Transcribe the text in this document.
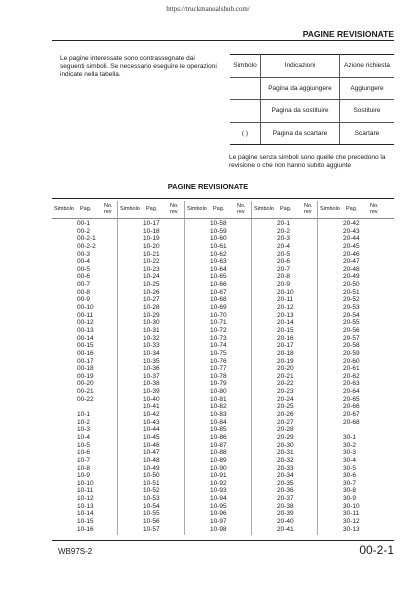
https://truckmanualshub.com/
PAGINE REVISIONATE
Le pagine interessate sono contrassegnate dai seguenti simboli. Se necessario eseguire le operazioni indicate nella tabella.
Simbolo	Indicazioni	Azione richiesta
	Pagina da aggiungere	Aggiungere
	Pagina da sostituire	Sostituire
( )	Pagina da scartare	Scartare
Le pagine senza simboli sono quelle che precedono la revisione o che non hanno subito aggiunte
PAGINE REVISIONATE
Simbolo	Pag.	No.
rev
00-1
00-2
00-2-1
00-2-2
00-3
00-4
00-5
00-6
00-7
00-8
00-9
00-10
00-11
00-12
00-13
00-14
00-15
00-16
00-17
00-18
00-19
00-20
00-21
00-22
10-1
10-2
10-3
10-4
10-5
10-6
10-7
10-8
10-9
10-10
10-11
10-12
10-13
10-14
10-15
10-16
Simbolo	Pag.	No.
rev
10-17
10-18
10-19
10-20
10-21
10-22
10-23
10-24
10-25
10-26
10-27
10-28
10-29
10-30
10-31
10-32
10-33
10-34
10-35
10-36
10-37
10-38
10-39
10-40
10-41
10-42
10-43
10-44
10-45
10-46
10-47
10-48
10-49
10-50
10-51
10-52
10-53
10-54
10-55
10-56
10-57
Simbolo	Pag.	No.
rev
10-58
10-59
10-60
10-61
10-62
10-63
10-64
10-65
10-66
10-67
10-68
10-69
10-70
10-71
10-72
10-73
10-74
10-75
10-76
10-77
10-78
10-79
10-80
10-81
10-82
10-83
10-84
10-85
10-86
10-87
10-88
10-89
10-90
10-91
10-92
10-93
10-94
10-95
10-96
10-97
10-98
Simbolo	Pag.	No.
rev
20-1
20-2
20-3
20-4
20-5
20-6
20-7
20-8
20-9
20-10
20-11
20-12
20-13
20-14
20-15
20-16
20-17
20-18
20-19
20-20
20-21
20-22
20-23
20-24
20-25
20-26
20-27
20-28
20-29
20-30
20-31
20-32
20-33
20-34
20-35
20-36
20-37
20-38
20-39
20-40
20-41
Simbolo	Pag.	No.
rev
20-42
20-43
20-44
20-45
20-46
20-47
20-48
20-49
20-50
20-51
20-52
20-53
20-54
20-55
20-56
20-57
20-58
20-59
20-60
20-61
20-62
20-63
20-64
20-65
20-66
20-67
20-68
30-1
30-2
30-3
30-4
30-5
30-6
30-7
30-8
30-9
30-10
30-11
30-12
30-13
WB97S-2	00-2-1
